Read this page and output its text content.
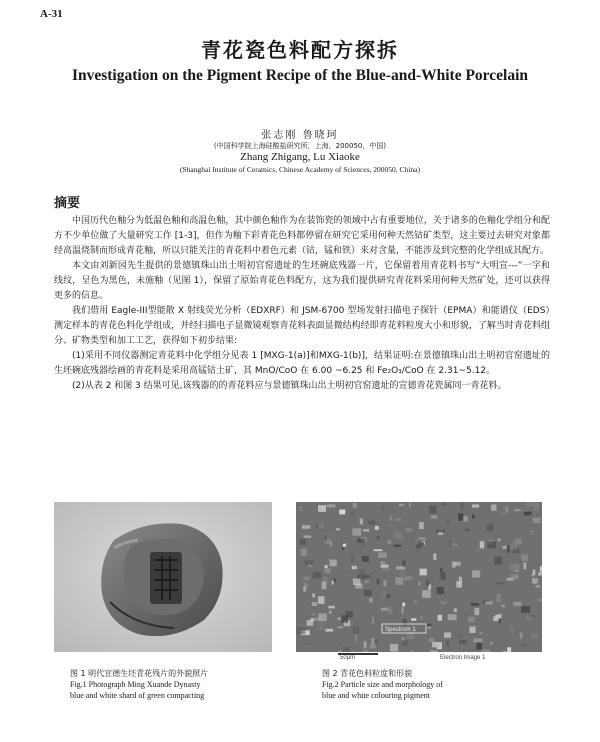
A-31
青花瓷色料配方探拆
Investigation on the Pigment Recipe of the Blue-and-White Porcelain
张志刚 鲁晓珂
(中国科学院上海硅酸盐研究所，上海，200050，中国)
Zhang Zhigang, Lu Xiaoke
(Shanghai Institute of Ceramics, Chinese Academy of Sciences, 200050, China)
摘要

中国历代色釉分为低温色釉和高温色釉，其中颜色釉作为在装饰瓷的领域中占有重要地位，关于诸多的色釉化学组分和配方不少单位做了大量研究工作 [1-3]，但作为釉下彩青花色料都停留在研究它采用何种天然钴矿类型，这主要过去研究对象都经高温烧制而形成青花釉，所以只能关注的青花料中着色元素（钴，锰和铁）来对含量，不能涉及到完整的化学组成其配方。

本文由刘新园先生提供的景德镇珠山出土明初官窑遗址的生坯碗底残器一片，它保留着用青花料书写“大明宣---”一字和线纹，呈色为黑色，未施釉（见图 1），保留了原始青花色料配方，这为我们提供研究青花料采用何种天然矿处，还可以获得更多的信息。

我们借用 Eagle-III型能散 X 射线荧光分析（EDXRF）和 JSM-6700 型场发射扫描电子探针（EPMA）和能谱仪（EDS）测定样本的青花色料化学组成，并经扫描电子显微镜观察青花料表面显微结构经即青花料粒度大小和形貌，了解当时青花料组分、矿物类型和加工工艺，获得如下初步结果:

(1)采用不同仪器测定青花料中化学组分见表 1 [MXG-1(a)]和MXG-1(b)]，结果证明:在景德镇珠山出土明初官窑遗址的生坯碗底残器绘画的青花料是采用高锰钴土矿，其 MnO/CoO 在 6.00 ~6.25 和 Fe₂O₃/CoO 在 2.31~5.12。

(2)从表 2 和图 3 结果可见,该残器的的青花料应与景德镇珠山出土明初官窑遗址的宣德青花瓷属同一青花料。

Spectrum 1
50μm	Electron Image 1
图 1 明代宣德生坯青花残片的外貌照片
Fig.1 Photograph Ming Xuande Dynasty
blue and white shard of green compacting
图 2 青花色料粒度和形貌
Fig.2 Particle size and morphology of
blue and white colouring pigment
